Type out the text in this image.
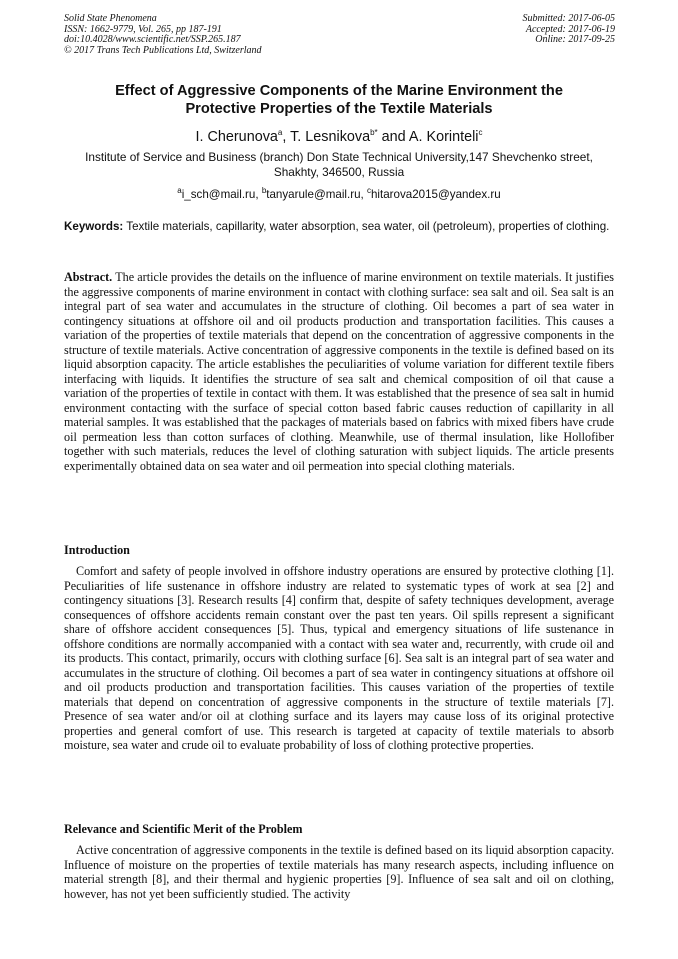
Solid State Phenomena
ISSN: 1662-9779, Vol. 265, pp 187-191
doi:10.4028/www.scientific.net/SSP.265.187
© 2017 Trans Tech Publications Ltd, Switzerland
Submitted: 2017-06-05
Accepted: 2017-06-19
Online: 2017-09-25
Effect of Aggressive Components of the Marine Environment the
Protective Properties of the Textile Materials
I. Cherunova$^a$, T. Lesnikova$^{b*}$ and A. Korinteli$^c$
Institute of Service and Business (branch) Don State Technical University,147 Shevchenko street,
Shakhty, 346500, Russia
$^a$i_sch@mail.ru, $^b$tanyarule@mail.ru, $^c$hitarova2015@yandex.ru
Keywords: Textile materials, capillarity, water absorption, sea water, oil (petroleum), properties of clothing.

Abstract. The article provides the details on the influence of marine environment on textile materials. It justifies the aggressive components of marine environment in contact with clothing surface: sea salt and oil. Sea salt is an integral part of sea water and accumulates in the structure of clothing. Oil becomes a part of sea water in contingency situations at offshore oil and oil products production and transportation facilities. This causes a variation of the properties of textile materials that depend on the concentration of aggressive components in the structure of textile materials. Active concentration of aggressive components in the textile is defined based on its liquid absorption capacity. The article establishes the peculiarities of volume variation for different textile fibers interfacing with liquids. It identifies the structure of sea salt and chemical composition of oil that cause a variation of the properties of textile in contact with them. It was established that the presence of sea salt in humid environment contacting with the surface of special cotton based fabric causes reduction of capillarity in all material samples. It was established that the packages of materials based on fabrics with mixed fibers have crude oil permeation less than cotton surfaces of clothing. Meanwhile, use of thermal insulation, like Hollofiber together with such materials, reduces the level of clothing saturation with subject liquids. The article presents experimentally obtained data on sea water and oil permeation into special clothing materials.

Introduction

Comfort and safety of people involved in offshore industry operations are ensured by protective clothing [1]. Peculiarities of life sustenance in offshore industry are related to systematic types of work at sea [2] and contingency situations [3]. Research results [4] confirm that, despite of safety techniques development, average consequences of offshore accidents remain constant over the past ten years. Oil spills represent a significant share of offshore accident consequences [5]. Thus, typical and emergency situations of life sustenance in offshore conditions are normally accompanied with a contact with sea water and, recurrently, with crude oil and its products. This contact, primarily, occurs with clothing surface [6]. Sea salt is an integral part of sea water and accumulates in the structure of clothing. Oil becomes a part of sea water in contingency situations at offshore oil and oil products production and transportation facilities. This causes variation of the properties of textile materials that depend on concentration of aggressive components in the structure of textile materials [7]. Presence of sea water and/or oil at clothing surface and its layers may cause loss of its original protective properties and general comfort of use. This research is targeted at capacity of textile materials to absorb moisture, sea water and crude oil to evaluate probability of loss of clothing protective properties.

Relevance and Scientific Merit of the Problem

Active concentration of aggressive components in the textile is defined based on its liquid absorption capacity. Influence of moisture on the properties of textile materials has many research aspects, including influence on material strength [8], and their thermal and hygienic properties [9]. Influence of sea salt and oil on clothing, however, has not yet been sufficiently studied. The activity
